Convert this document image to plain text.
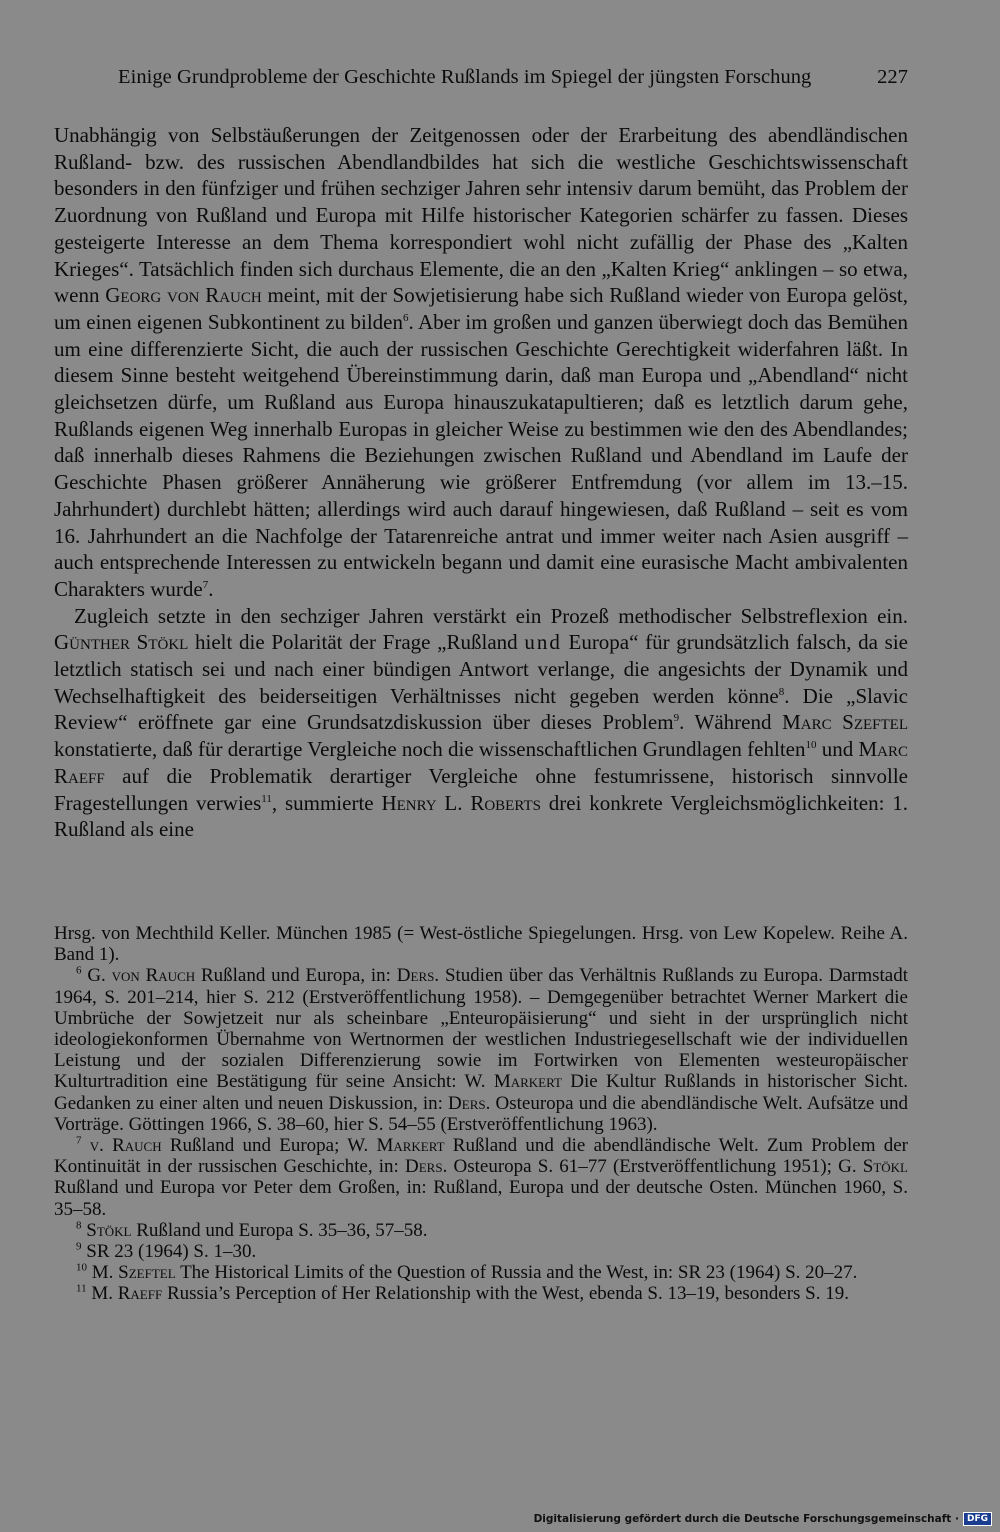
Einige Grundprobleme der Geschichte Rußlands im Spiegel der jüngsten Forschung	227

Unabhängig von Selbstäußerungen der Zeitgenossen oder der Erarbeitung des abendländischen Rußland- bzw. des russischen Abendlandbildes hat sich die westliche Geschichtswissenschaft besonders in den fünfziger und frühen sechziger Jahren sehr intensiv darum bemüht, das Problem der Zuordnung von Rußland und Europa mit Hilfe historischer Kategorien schärfer zu fassen. Dieses gesteigerte Interesse an dem Thema korrespondiert wohl nicht zufällig der Phase des „Kalten Krieges“. Tatsächlich finden sich durchaus Elemente, die an den „Kalten Krieg“ anklingen – so etwa, wenn Georg von Rauch meint, mit der Sowjetisierung habe sich Rußland wieder von Europa gelöst, um einen eigenen Subkontinent zu bilden$^6$. Aber im großen und ganzen überwiegt doch das Bemühen um eine differenzierte Sicht, die auch der russischen Geschichte Gerechtigkeit widerfahren läßt. In diesem Sinne besteht weitgehend Übereinstimmung darin, daß man Europa und „Abendland“ nicht gleichsetzen dürfe, um Rußland aus Europa hinauszukatapultieren; daß es letztlich darum gehe, Rußlands eigenen Weg innerhalb Europas in gleicher Weise zu bestimmen wie den des Abendlandes; daß innerhalb dieses Rahmens die Beziehungen zwischen Rußland und Abendland im Laufe der Geschichte Phasen größerer Annäherung wie größerer Entfremdung (vor allem im 13.–15. Jahrhundert) durchlebt hätten; allerdings wird auch darauf hingewiesen, daß Rußland – seit es vom 16. Jahrhundert an die Nachfolge der Tatarenreiche antrat und immer weiter nach Asien ausgriff – auch entsprechende Interessen zu entwickeln begann und damit eine eurasische Macht ambivalenten Charakters wurde$^7$.

Zugleich setzte in den sechziger Jahren verstärkt ein Prozeß methodischer Selbstreflexion ein. Günther Stökl hielt die Polarität der Frage „Rußland und Europa“ für grundsätzlich falsch, da sie letztlich statisch sei und nach einer bündigen Antwort verlange, die angesichts der Dynamik und Wechselhaftigkeit des beiderseitigen Verhältnisses nicht gegeben werden könne$^8$. Die „Slavic Review“ eröffnete gar eine Grundsatzdiskussion über dieses Problem$^9$. Während Marc Szeftel konstatierte, daß für derartige Vergleiche noch die wissenschaftlichen Grundlagen fehlten$^{10}$ und Marc Raeff auf die Problematik derartiger Vergleiche ohne festumrissene, historisch sinnvolle Fragestellungen verwies$^{11}$, summierte Henry L. Roberts drei konkrete Vergleichsmöglichkeiten: 1. Rußland als eine

Hrsg. von Mechthild Keller. München 1985 (= West-östliche Spiegelungen. Hrsg. von Lew Kopelew. Reihe A. Band 1).

$^6$ G. von Rauch Rußland und Europa, in: Ders. Studien über das Verhältnis Rußlands zu Europa. Darmstadt 1964, S. 201–214, hier S. 212 (Erstveröffentlichung 1958). – Demgegenüber betrachtet Werner Markert die Umbrüche der Sowjetzeit nur als scheinbare „Enteuropäisierung“ und sieht in der ursprünglich nicht ideologiekonformen Übernahme von Wertnormen der westlichen Industriegesellschaft wie der individuellen Leistung und der sozialen Differenzierung sowie im Fortwirken von Elementen westeuropäischer Kulturtradition eine Bestätigung für seine Ansicht: W. Markert Die Kultur Rußlands in historischer Sicht. Gedanken zu einer alten und neuen Diskussion, in: Ders. Osteuropa und die abendländische Welt. Aufsätze und Vorträge. Göttingen 1966, S. 38–60, hier S. 54–55 (Erstveröffentlichung 1963).

$^7$ v. Rauch Rußland und Europa; W. Markert Rußland und die abendländische Welt. Zum Problem der Kontinuität in der russischen Geschichte, in: Ders. Osteuropa S. 61–77 (Erstveröffentlichung 1951); G. Stökl Rußland und Europa vor Peter dem Großen, in: Rußland, Europa und der deutsche Osten. München 1960, S. 35–58.

$^8$ Stökl Rußland und Europa S. 35–36, 57–58.

$^9$ SR 23 (1964) S. 1–30.

$^{10}$ M. Szeftel The Historical Limits of the Question of Russia and the West, in: SR 23 (1964) S. 20–27.

$^{11}$ M. Raeff Russia’s Perception of Her Relationship with the West, ebenda S. 13–19, besonders S. 19.

Digitalisierung gefördert durch die Deutsche Forschungsgemeinschaft · DFG
